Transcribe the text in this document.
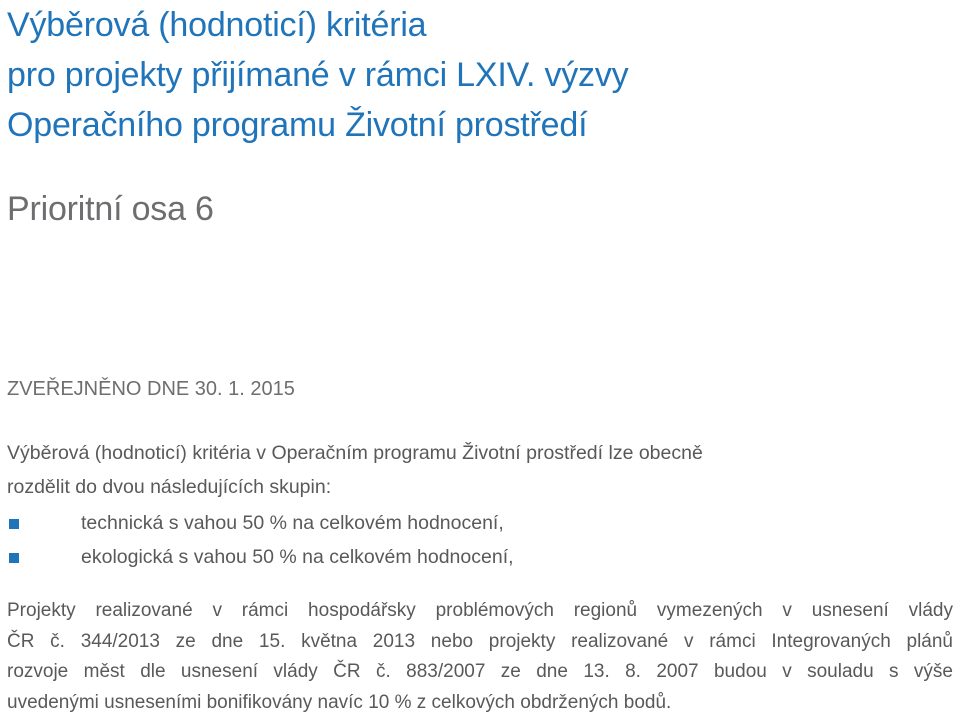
Výběrová (hodnoticí) kritéria
pro projekty přijímané v rámci LXIV. výzvy
Operačního programu Životní prostředí
Prioritní osa 6
ZVEŘEJNĚNO DNE 30. 1. 2015
Výběrová (hodnoticí) kritéria v Operačním programu Životní prostředí lze obecně
rozdělit do dvou následujících skupin:
technická s vahou 50 % na celkovém hodnocení,
ekologická s vahou 50 % na celkovém hodnocení,
Projekty realizované v rámci hospodářsky problémových regionů vymezených v usnesení vlády
ČR č. 344/2013 ze dne 15. května 2013 nebo projekty realizované v rámci Integrovaných plánů
rozvoje měst dle usnesení vlády ČR č. 883/2007 ze dne 13. 8. 2007 budou v souladu s výše
uvedenými usneseními bonifikovány navíc 10 % z celkových obdržených bodů.
